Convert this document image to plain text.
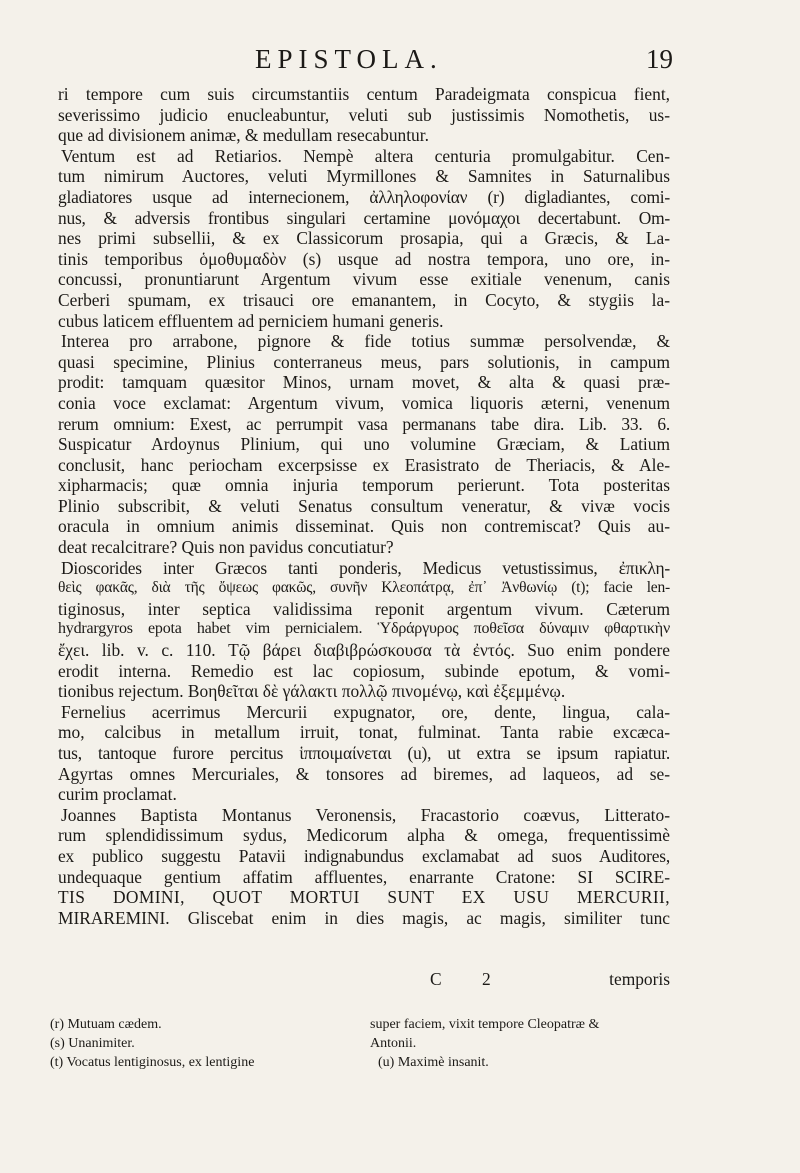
EPISTOLA.	19
ri tempore cum suis circumstantiis centum Paradeigmata conspicua fient,
severissimo judicio enucleabuntur, veluti sub justissimis Nomothetis, us-
que ad divisionem animæ, & medullam resecabuntur.
Ventum est ad Retiarios. Nempè altera centuria promulgabitur. Cen-
tum nimirum Auctores, veluti Myrmillones & Samnites in Saturnalibus
gladiatores usque ad internecionem, ἀλληλοφονίαν (r) digladiantes, comi-
nus, & adversis frontibus singulari certamine μονόμαχοι decertabunt. Om-
nes primi subsellii, & ex Classicorum prosapia, qui a Græcis, & La-
tinis temporibus ὁμοθυμαδὸν (s) usque ad nostra tempora, uno ore, in-
concussi, pronuntiarunt Argentum vivum esse exitiale venenum, canis
Cerberi spumam, ex trisauci ore emanantem, in Cocyto, & stygiis la-
cubus laticem effluentem ad perniciem humani generis.
Interea pro arrabone, pignore & fide totius summæ persolvendæ, &
quasi specimine, Plinius conterraneus meus, pars solutionis, in campum
prodit: tamquam quæsitor Minos, urnam movet, & alta & quasi præ-
conia voce exclamat: Argentum vivum, vomica liquoris æterni, venenum
rerum omnium: Exest, ac perrumpit vasa permanans tabe dira. Lib. 33. 6.
Suspicatur Ardoynus Plinium, qui uno volumine Græciam, & Latium
conclusit, hanc periocham excerpsisse ex Erasistrato de Theriacis, & Ale-
xipharmacis; quæ omnia injuria temporum perierunt. Tota posteritas
Plinio subscribit, & veluti Senatus consultum veneratur, & vivæ vocis
oracula in omnium animis disseminat. Quis non contremiscat? Quis au-
deat recalcitrare? Quis non pavidus concutiatur?
Dioscorides inter Græcos tanti ponderis, Medicus vetustissimus, ἐπικλη-
θεὶς φακᾶς, διὰ τῆς ὄψεως φακῶς, συνῆν Κλεοπάτρᾳ, ἐπ᾽ Ἀνθωνίῳ (t); facie len-
tiginosus, inter septica validissima reponit argentum vivum. Cæterum
hydrargyros epota habet vim pernicialem. Ὑδράργυρος ποθεῖσα δύναμιν φθαρτικὴν
ἔχει. lib. v. c. 110. Τῷ βάρει διαβιβρώσκουσα τὰ ἐντός. Suo enim pondere
erodit interna. Remedio est lac copiosum, subinde epotum, & vomi-
tionibus rejectum. Βοηθεῖται δὲ γάλακτι πολλῷ πινομένῳ, καὶ ἐξεμμένῳ.
Fernelius acerrimus Mercurii expugnator, ore, dente, lingua, cala-
mo, calcibus in metallum irruit, tonat, fulminat. Tanta rabie excæca-
tus, tantoque furore percitus ἱπποιμαίνεται (u), ut extra se ipsum rapiatur.
Agyrtas omnes Mercuriales, & tonsores ad biremes, ad laqueos, ad se-
curim proclamat.
Joannes Baptista Montanus Veronensis, Fracastorio coævus, Litterato-
rum splendidissimum sydus, Medicorum alpha & omega, frequentissimè
ex publico suggestu Patavii indignabundus exclamabat ad suos Auditores,
undequaque gentium affatim affluentes, enarrante Cratone: SI SCIRE-
TIS DOMINI, QUOT MORTUI SUNT EX USU MERCURII,
MIRAREMINI. Gliscebat enim in dies magis, ac magis, similiter tunc
C 2	temporis
(r) Mutuam cædem.
(s) Unanimiter.
(t) Vocatus lentiginosus, ex lentigine
super faciem, vixit tempore Cleopatræ &
Antonii.
(u) Maximè insanit.
